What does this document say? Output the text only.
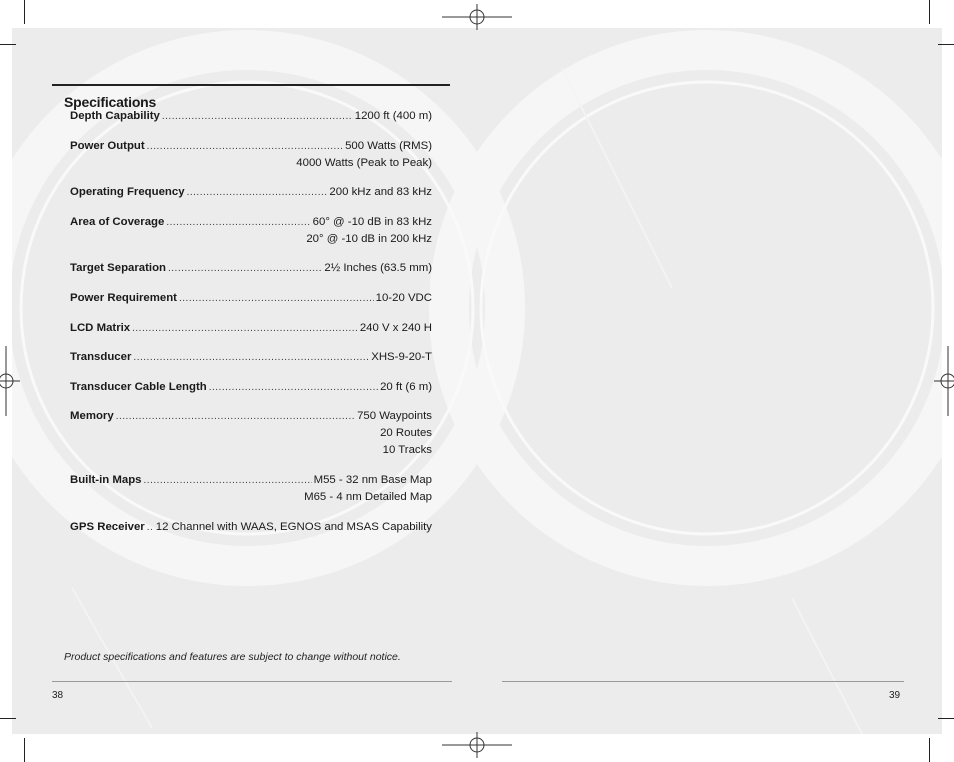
Specifications
Depth Capability .....	1200 ft (400 m)
Power Output .....	500 Watts (RMS)
4000 Watts (Peak to Peak)
Operating Frequency .....	200 kHz and 83 kHz
Area of Coverage .....	60° @ -10 dB in 83 kHz
20° @ -10 dB in 200 kHz
Target Separation .....	2½ Inches (63.5 mm)
Power Requirement .....	10-20 VDC
LCD Matrix .....	240 V x 240 H
Transducer .....	XHS-9-20-T
Transducer Cable Length .....	20 ft (6 m)
Memory .....	750 Waypoints
20 Routes
10 Tracks
Built-in Maps .....	M55 - 32 nm Base Map
M65 - 4 nm Detailed Map
GPS Receiver ..... 12 Channel with WAAS, EGNOS and MSAS Capability
Product specifications and features are subject to change without notice.
38	39
